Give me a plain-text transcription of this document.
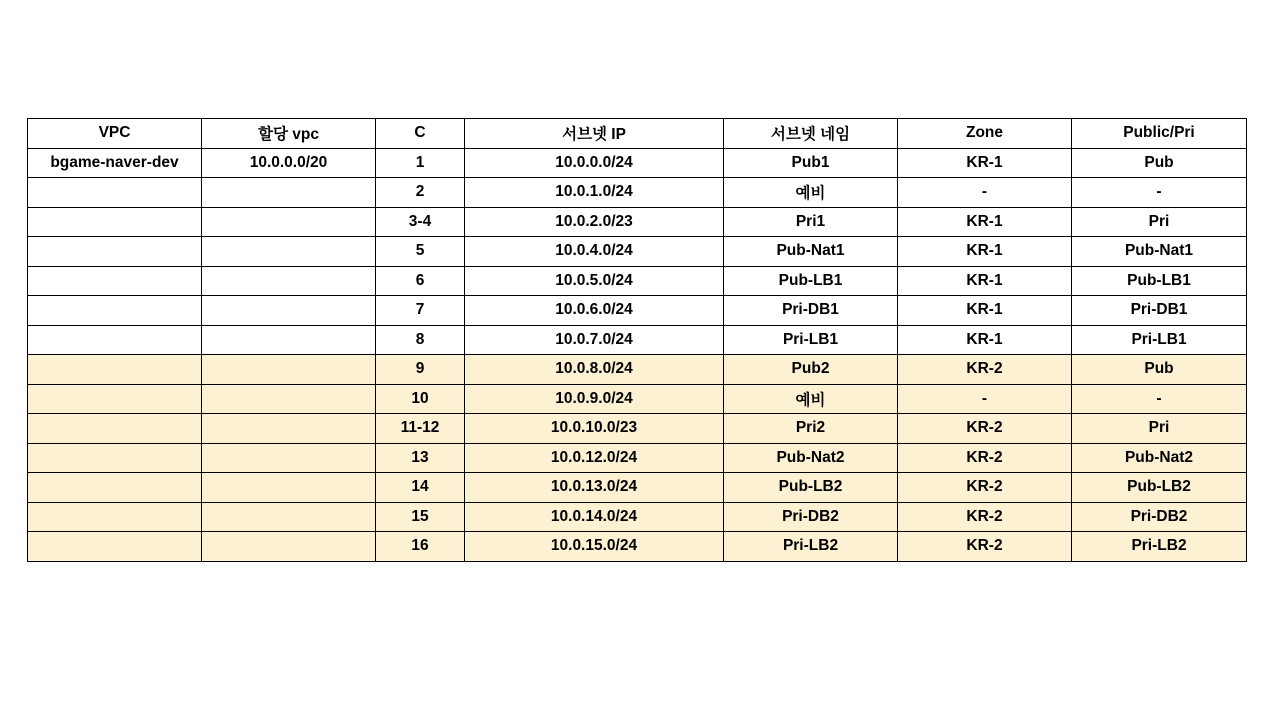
VPC	할당 vpc	C	서브넷 IP	서브넷 네임	Zone	Public/Pri
bgame-naver-dev	10.0.0.0/20	1	10.0.0.0/24	Pub1	KR-1	Pub
		2	10.0.1.0/24	예비	-	-
		3-4	10.0.2.0/23	Pri1	KR-1	Pri
		5	10.0.4.0/24	Pub-Nat1	KR-1	Pub-Nat1
		6	10.0.5.0/24	Pub-LB1	KR-1	Pub-LB1
		7	10.0.6.0/24	Pri-DB1	KR-1	Pri-DB1
		8	10.0.7.0/24	Pri-LB1	KR-1	Pri-LB1
		9	10.0.8.0/24	Pub2	KR-2	Pub
		10	10.0.9.0/24	예비	-	-
		11-12	10.0.10.0/23	Pri2	KR-2	Pri
		13	10.0.12.0/24	Pub-Nat2	KR-2	Pub-Nat2
		14	10.0.13.0/24	Pub-LB2	KR-2	Pub-LB2
		15	10.0.14.0/24	Pri-DB2	KR-2	Pri-DB2
		16	10.0.15.0/24	Pri-LB2	KR-2	Pri-LB2
